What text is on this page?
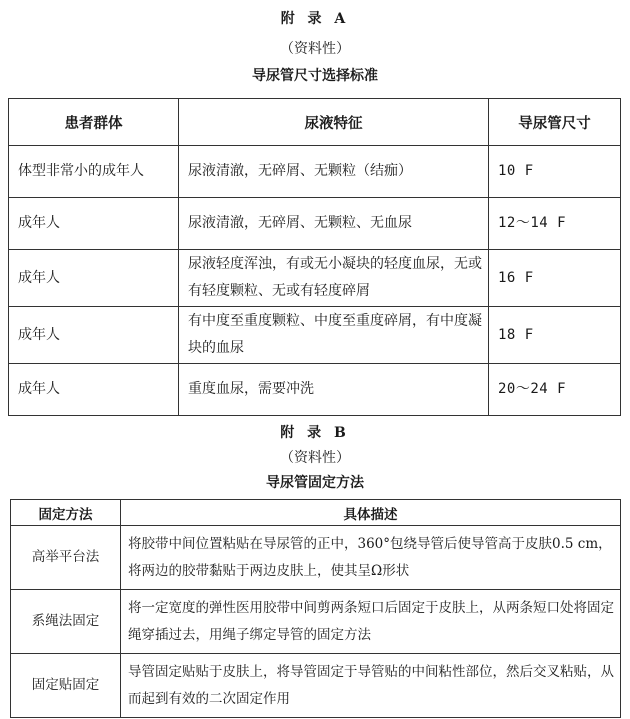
附 录 A
（资料性）
导尿管尺寸选择标准
患者群体	尿液特征	导尿管尺寸
体型非常小的成年人	尿液清澈，无碎屑、无颗粒（结痂）	10 F
成年人	尿液清澈，无碎屑、无颗粒、无血尿	12～14 F
成年人	尿液轻度浑浊，有或无小凝块的轻度血尿，无或有轻度颗粒、无或有轻度碎屑	16 F
成年人	有中度至重度颗粒、中度至重度碎屑，有中度凝块的血尿	18 F
成年人	重度血尿，需要冲洗	20～24 F
附 录 B
（资料性）
导尿管固定方法
固定方法	具体描述
高举平台法	将胶带中间位置粘贴在导尿管的正中，360°包绕导管后使导管高于皮肤0.5 cm，将两边的胶带黏贴于两边皮肤上，使其呈Ω形状
系绳法固定	将一定宽度的弹性医用胶带中间剪两条短口后固定于皮肤上，从两条短口处将固定绳穿插过去，用绳子绑定导管的固定方法
固定贴固定	导管固定贴贴于皮肤上，将导管固定于导管贴的中间粘性部位，然后交叉粘贴，从而起到有效的二次固定作用
